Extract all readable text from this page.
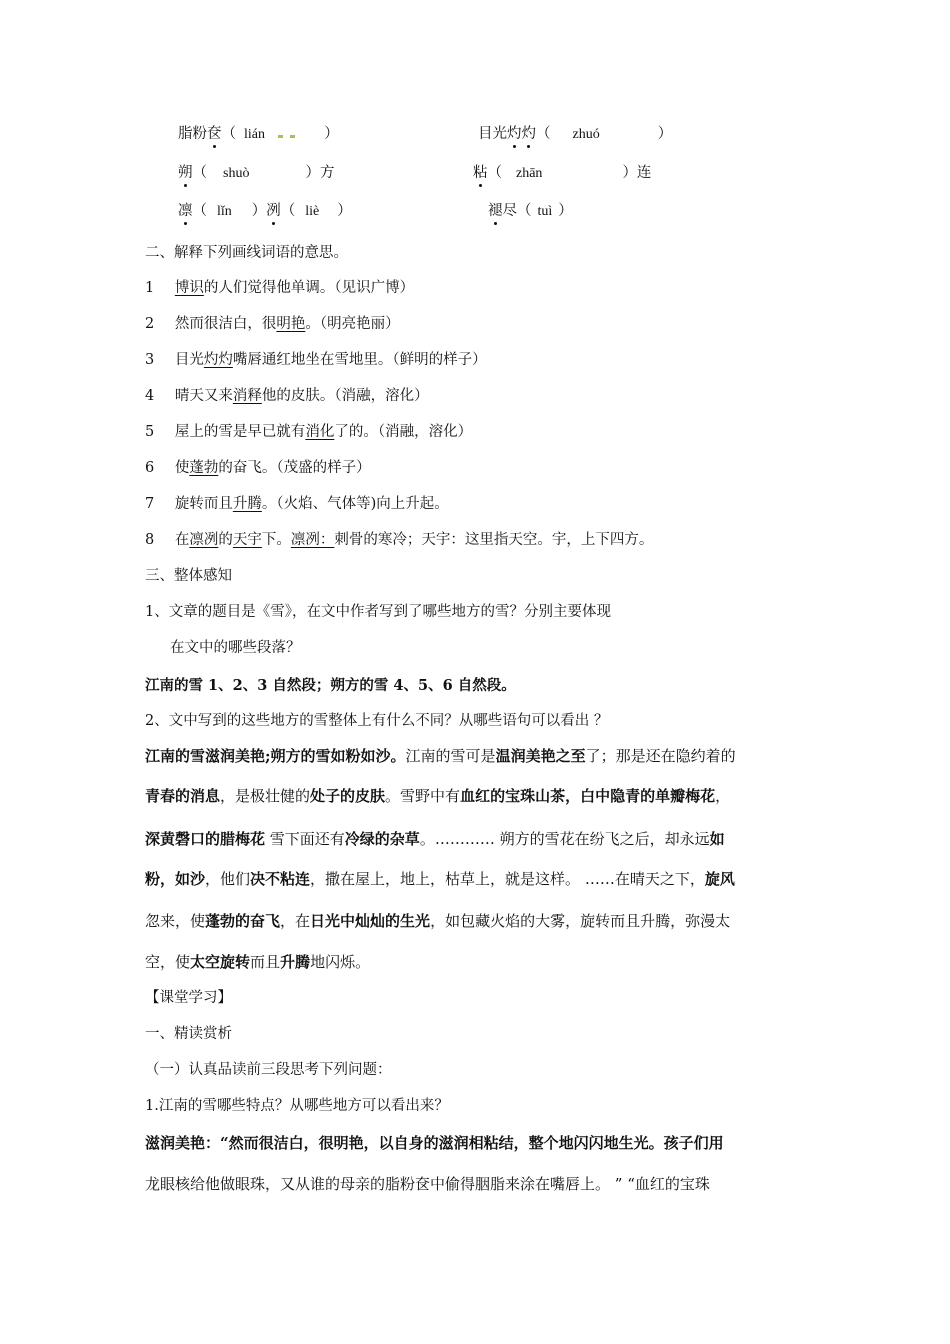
脂粉奁（ lián	）	目光灼灼（ zhuó	）
朔（ shuò	）方	粘（ zhān	）连
凛（ lǐn ）冽（ liè ）	褪尽（ tuì ）
二、解释下列画线词语的意思。
1 博识的人们觉得他单调。（见识广博）
2 然而很洁白，很明艳。（明亮艳丽）
3 目光灼灼嘴唇通红地坐在雪地里。（鲜明的样子）
4 晴天又来消释他的皮肤。（消融，溶化）
5 屋上的雪是早已就有消化了的。（消融，溶化）
6 使蓬勃的奋飞。（茂盛的样子）
7 旋转而且升腾。（火焰、气体等)向上升起。
8 在凛冽的天宇下。凛冽：刺骨的寒冷；天宇：这里指天空。宇，上下四方。
三、整体感知
1、文章的题目是《雪》，在文中作者写到了哪些地方的雪？分别主要体现
在文中的哪些段落？
江南的雪 1、2、3 自然段；朔方的雪 4、5、6 自然段。
2、文中写到的这些地方的雪整体上有什么不同？从哪些语句可以看出 ？
江南的雪滋润美艳;朔方的雪如粉如沙。江南的雪可是温润美艳之至了；那是还在隐约着的
青春的消息，是极壮健的处子的皮肤。雪野中有血红的宝珠山茶，白中隐青的单瓣梅花，
深黄磬口的腊梅花 雪下面还有冷绿的杂草。………… 朔方的雪花在纷飞之后，却永远如
粉，如沙，他们决不粘连，撒在屋上，地上，枯草上，就是这样。 ……在晴天之下，旋风
忽来，使蓬勃的奋飞，在日光中灿灿的生光，如包藏火焰的大雾，旋转而且升腾，弥漫太
空，使太空旋转而且升腾地闪烁。
【课堂学习】
一、精读赏析
（一）认真品读前三段思考下列问题：
1.江南的雪哪些特点？从哪些地方可以看出来？
滋润美艳：“然而很洁白，很明艳，以自身的滋润相粘结，整个地闪闪地生光。孩子们用
龙眼核给他做眼珠，又从谁的母亲的脂粉奁中偷得胭脂来涂在嘴唇上。 ” “血红的宝珠
